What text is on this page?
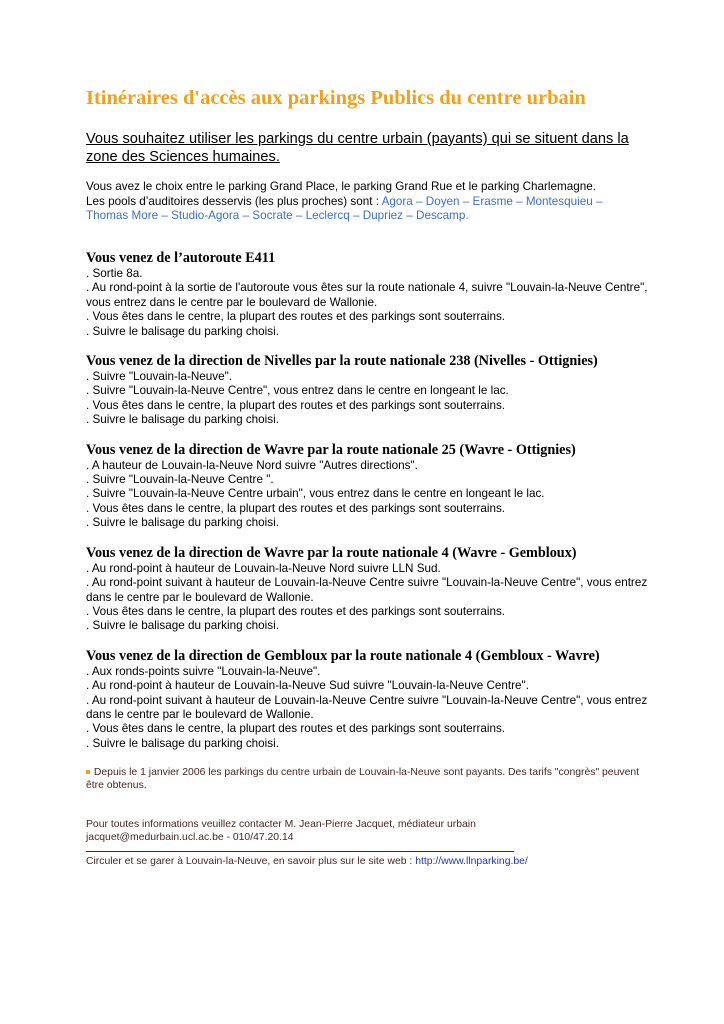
Itinéraires d'accès aux parkings Publics du centre urbain

Vous souhaitez utiliser les parkings du centre urbain (payants) qui se situent dans la zone des Sciences humaines.

Vous avez le choix entre le parking Grand Place, le parking Grand Rue et le parking Charlemagne.
Les pools d’auditoires desservis (les plus proches) sont : Agora – Doyen – Erasme – Montesquieu – Thomas More – Studio-Agora – Socrate – Leclercq – Dupriez – Descamp.

Vous venez de l’autoroute E411

. Sortie 8a.

. Au rond-point à la sortie de l'autoroute vous êtes sur la route nationale 4, suivre "Louvain-la-Neuve Centre", vous entrez dans le centre par le boulevard de Wallonie.

. Vous êtes dans le centre, la plupart des routes et des parkings sont souterrains.

. Suivre le balisage du parking choisi.

Vous venez de la direction de Nivelles par la route nationale 238 (Nivelles - Ottignies)

. Suivre "Louvain-la-Neuve".

. Suivre "Louvain-la-Neuve Centre", vous entrez dans le centre en longeant le lac.

. Vous êtes dans le centre, la plupart des routes et des parkings sont souterrains.

. Suivre le balisage du parking choisi.

Vous venez de la direction de Wavre par la route nationale 25 (Wavre - Ottignies)

. A hauteur de Louvain-la-Neuve Nord suivre "Autres directions".

. Suivre "Louvain-la-Neuve Centre ".

. Suivre "Louvain-la-Neuve Centre urbain", vous entrez dans le centre en longeant le lac.

. Vous êtes dans le centre, la plupart des routes et des parkings sont souterrains.

. Suivre le balisage du parking choisi.

Vous venez de la direction de Wavre par la route nationale 4 (Wavre - Gembloux)

. Au rond-point à hauteur de Louvain-la-Neuve Nord suivre LLN Sud.

. Au rond-point suivant à hauteur de Louvain-la-Neuve Centre suivre "Louvain-la-Neuve Centre", vous entrez dans le centre par le boulevard de Wallonie.

. Vous êtes dans le centre, la plupart des routes et des parkings sont souterrains.

. Suivre le balisage du parking choisi.

Vous venez de la direction de Gembloux par la route nationale 4 (Gembloux - Wavre)

. Aux ronds-points suivre "Louvain-la-Neuve".

. Au rond-point à hauteur de Louvain-la-Neuve Sud suivre "Louvain-la-Neuve Centre".

. Au rond-point suivant à hauteur de Louvain-la-Neuve Centre suivre "Louvain-la-Neuve Centre", vous entrez dans le centre par le boulevard de Wallonie.

. Vous êtes dans le centre, la plupart des routes et des parkings sont souterrains.

. Suivre le balisage du parking choisi.

Depuis le 1 janvier 2006 les parkings du centre urbain de Louvain-la-Neuve sont payants. Des tarifs "congrès" peuvent être obtenus.

Pour toutes informations veuillez contacter M. Jean-Pierre Jacquet, médiateur urbain
jacquet@medurbain.ucl.ac.be - 010/47.20.14

Circuler et se garer à Louvain-la-Neuve, en savoir plus sur le site web : http://www.llnparking.be/
